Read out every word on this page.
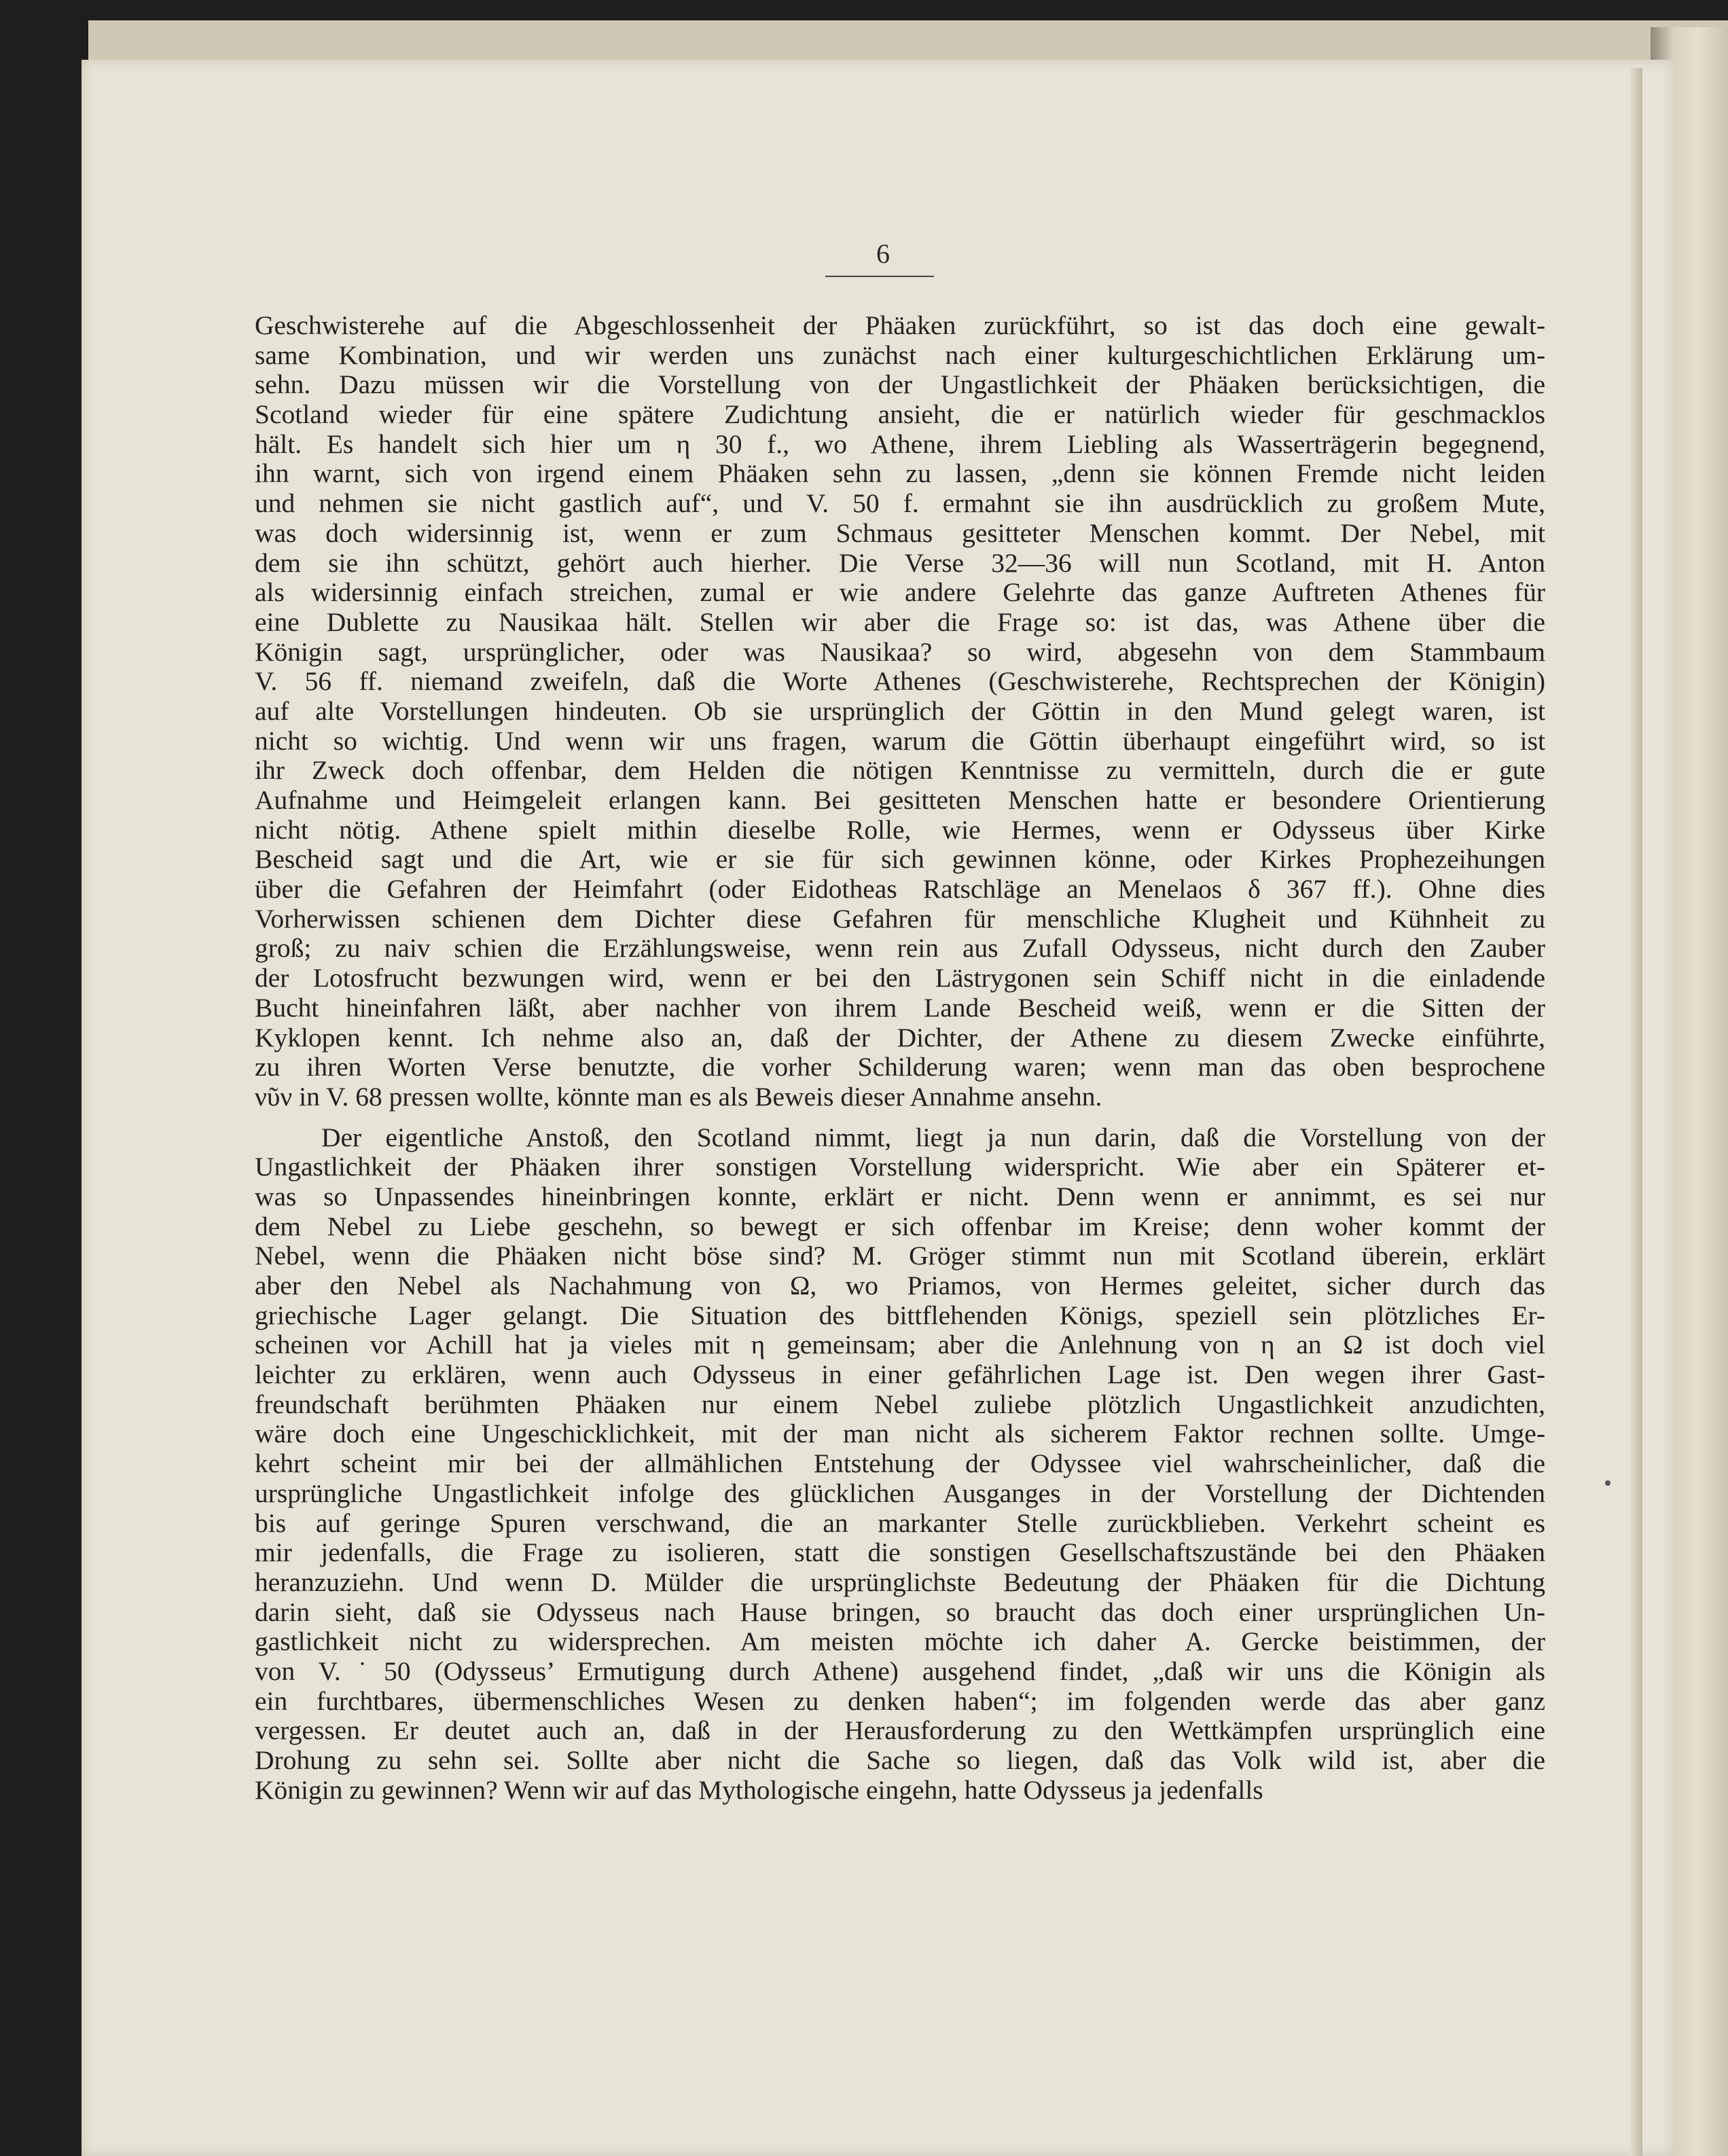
6
Geschwisterehe auf die Abgeschlossenheit der Phäaken zurückführt, so ist das doch eine gewalt-
same Kombination, und wir werden uns zunächst nach einer kulturgeschichtlichen Erklärung um-
sehn. Dazu müssen wir die Vorstellung von der Ungastlichkeit der Phäaken berücksichtigen, die
Scotland wieder für eine spätere Zudichtung ansieht, die er natürlich wieder für geschmacklos
hält. Es handelt sich hier um η 30 f., wo Athene, ihrem Liebling als Wasserträgerin begegnend,
ihn warnt, sich von irgend einem Phäaken sehn zu lassen, „denn sie können Fremde nicht leiden
und nehmen sie nicht gastlich auf“, und V. 50 f. ermahnt sie ihn ausdrücklich zu großem Mute,
was doch widersinnig ist, wenn er zum Schmaus gesitteter Menschen kommt. Der Nebel, mit
dem sie ihn schützt, gehört auch hierher. Die Verse 32—36 will nun Scotland, mit H. Anton
als widersinnig einfach streichen, zumal er wie andere Gelehrte das ganze Auftreten Athenes für
eine Dublette zu Nausikaa hält. Stellen wir aber die Frage so: ist das, was Athene über die
Königin sagt, ursprünglicher, oder was Nausikaa? so wird, abgesehn von dem Stammbaum
V. 56 ff. niemand zweifeln, daß die Worte Athenes (Geschwisterehe, Rechtsprechen der Königin)
auf alte Vorstellungen hindeuten. Ob sie ursprünglich der Göttin in den Mund gelegt waren, ist
nicht so wichtig. Und wenn wir uns fragen, warum die Göttin überhaupt eingeführt wird, so ist
ihr Zweck doch offenbar, dem Helden die nötigen Kenntnisse zu vermitteln, durch die er gute
Aufnahme und Heimgeleit erlangen kann. Bei gesitteten Menschen hatte er besondere Orientierung
nicht nötig. Athene spielt mithin dieselbe Rolle, wie Hermes, wenn er Odysseus über Kirke
Bescheid sagt und die Art, wie er sie für sich gewinnen könne, oder Kirkes Prophezeihungen
über die Gefahren der Heimfahrt (oder Eidotheas Ratschläge an Menelaos δ 367 ff.). Ohne dies
Vorherwissen schienen dem Dichter diese Gefahren für menschliche Klugheit und Kühnheit zu
groß; zu naiv schien die Erzählungsweise, wenn rein aus Zufall Odysseus, nicht durch den Zauber
der Lotosfrucht bezwungen wird, wenn er bei den Lästrygonen sein Schiff nicht in die einladende
Bucht hineinfahren läßt, aber nachher von ihrem Lande Bescheid weiß, wenn er die Sitten der
Kyklopen kennt. Ich nehme also an, daß der Dichter, der Athene zu diesem Zwecke einführte,
zu ihren Worten Verse benutzte, die vorher Schilderung waren; wenn man das oben besprochene
νῦν in V. 68 pressen wollte, könnte man es als Beweis dieser Annahme ansehn.
Der eigentliche Anstoß, den Scotland nimmt, liegt ja nun darin, daß die Vorstellung von der
Ungastlichkeit der Phäaken ihrer sonstigen Vorstellung widerspricht. Wie aber ein Späterer et-
was so Unpassendes hineinbringen konnte, erklärt er nicht. Denn wenn er annimmt, es sei nur
dem Nebel zu Liebe geschehn, so bewegt er sich offenbar im Kreise; denn woher kommt der
Nebel, wenn die Phäaken nicht böse sind? M. Gröger stimmt nun mit Scotland überein, erklärt
aber den Nebel als Nachahmung von Ω, wo Priamos, von Hermes geleitet, sicher durch das
griechische Lager gelangt. Die Situation des bittflehenden Königs, speziell sein plötzliches Er-
scheinen vor Achill hat ja vieles mit η gemeinsam; aber die Anlehnung von η an Ω ist doch viel
leichter zu erklären, wenn auch Odysseus in einer gefährlichen Lage ist. Den wegen ihrer Gast-
freundschaft berühmten Phäaken nur einem Nebel zuliebe plötzlich Ungastlichkeit anzudichten,
wäre doch eine Ungeschicklichkeit, mit der man nicht als sicherem Faktor rechnen sollte. Umge-
kehrt scheint mir bei der allmählichen Entstehung der Odyssee viel wahrscheinlicher, daß die
ursprüngliche Ungastlichkeit infolge des glücklichen Ausganges in der Vorstellung der Dichtenden
bis auf geringe Spuren verschwand, die an markanter Stelle zurückblieben. Verkehrt scheint es
mir jedenfalls, die Frage zu isolieren, statt die sonstigen Gesellschaftszustände bei den Phäaken
heranzuziehn. Und wenn D. Mülder die ursprünglichste Bedeutung der Phäaken für die Dichtung
darin sieht, daß sie Odysseus nach Hause bringen, so braucht das doch einer ursprünglichen Un-
gastlichkeit nicht zu widersprechen. Am meisten möchte ich daher A. Gercke beistimmen, der
von V.˙50 (Odysseus’ Ermutigung durch Athene) ausgehend findet, „daß wir uns die Königin als
ein furchtbares, übermenschliches Wesen zu denken haben“; im folgenden werde das aber ganz
vergessen. Er deutet auch an, daß in der Herausforderung zu den Wettkämpfen ursprünglich eine
Drohung zu sehn sei. Sollte aber nicht die Sache so liegen, daß das Volk wild ist, aber die
Königin zu gewinnen? Wenn wir auf das Mythologische eingehn, hatte Odysseus ja jedenfalls
